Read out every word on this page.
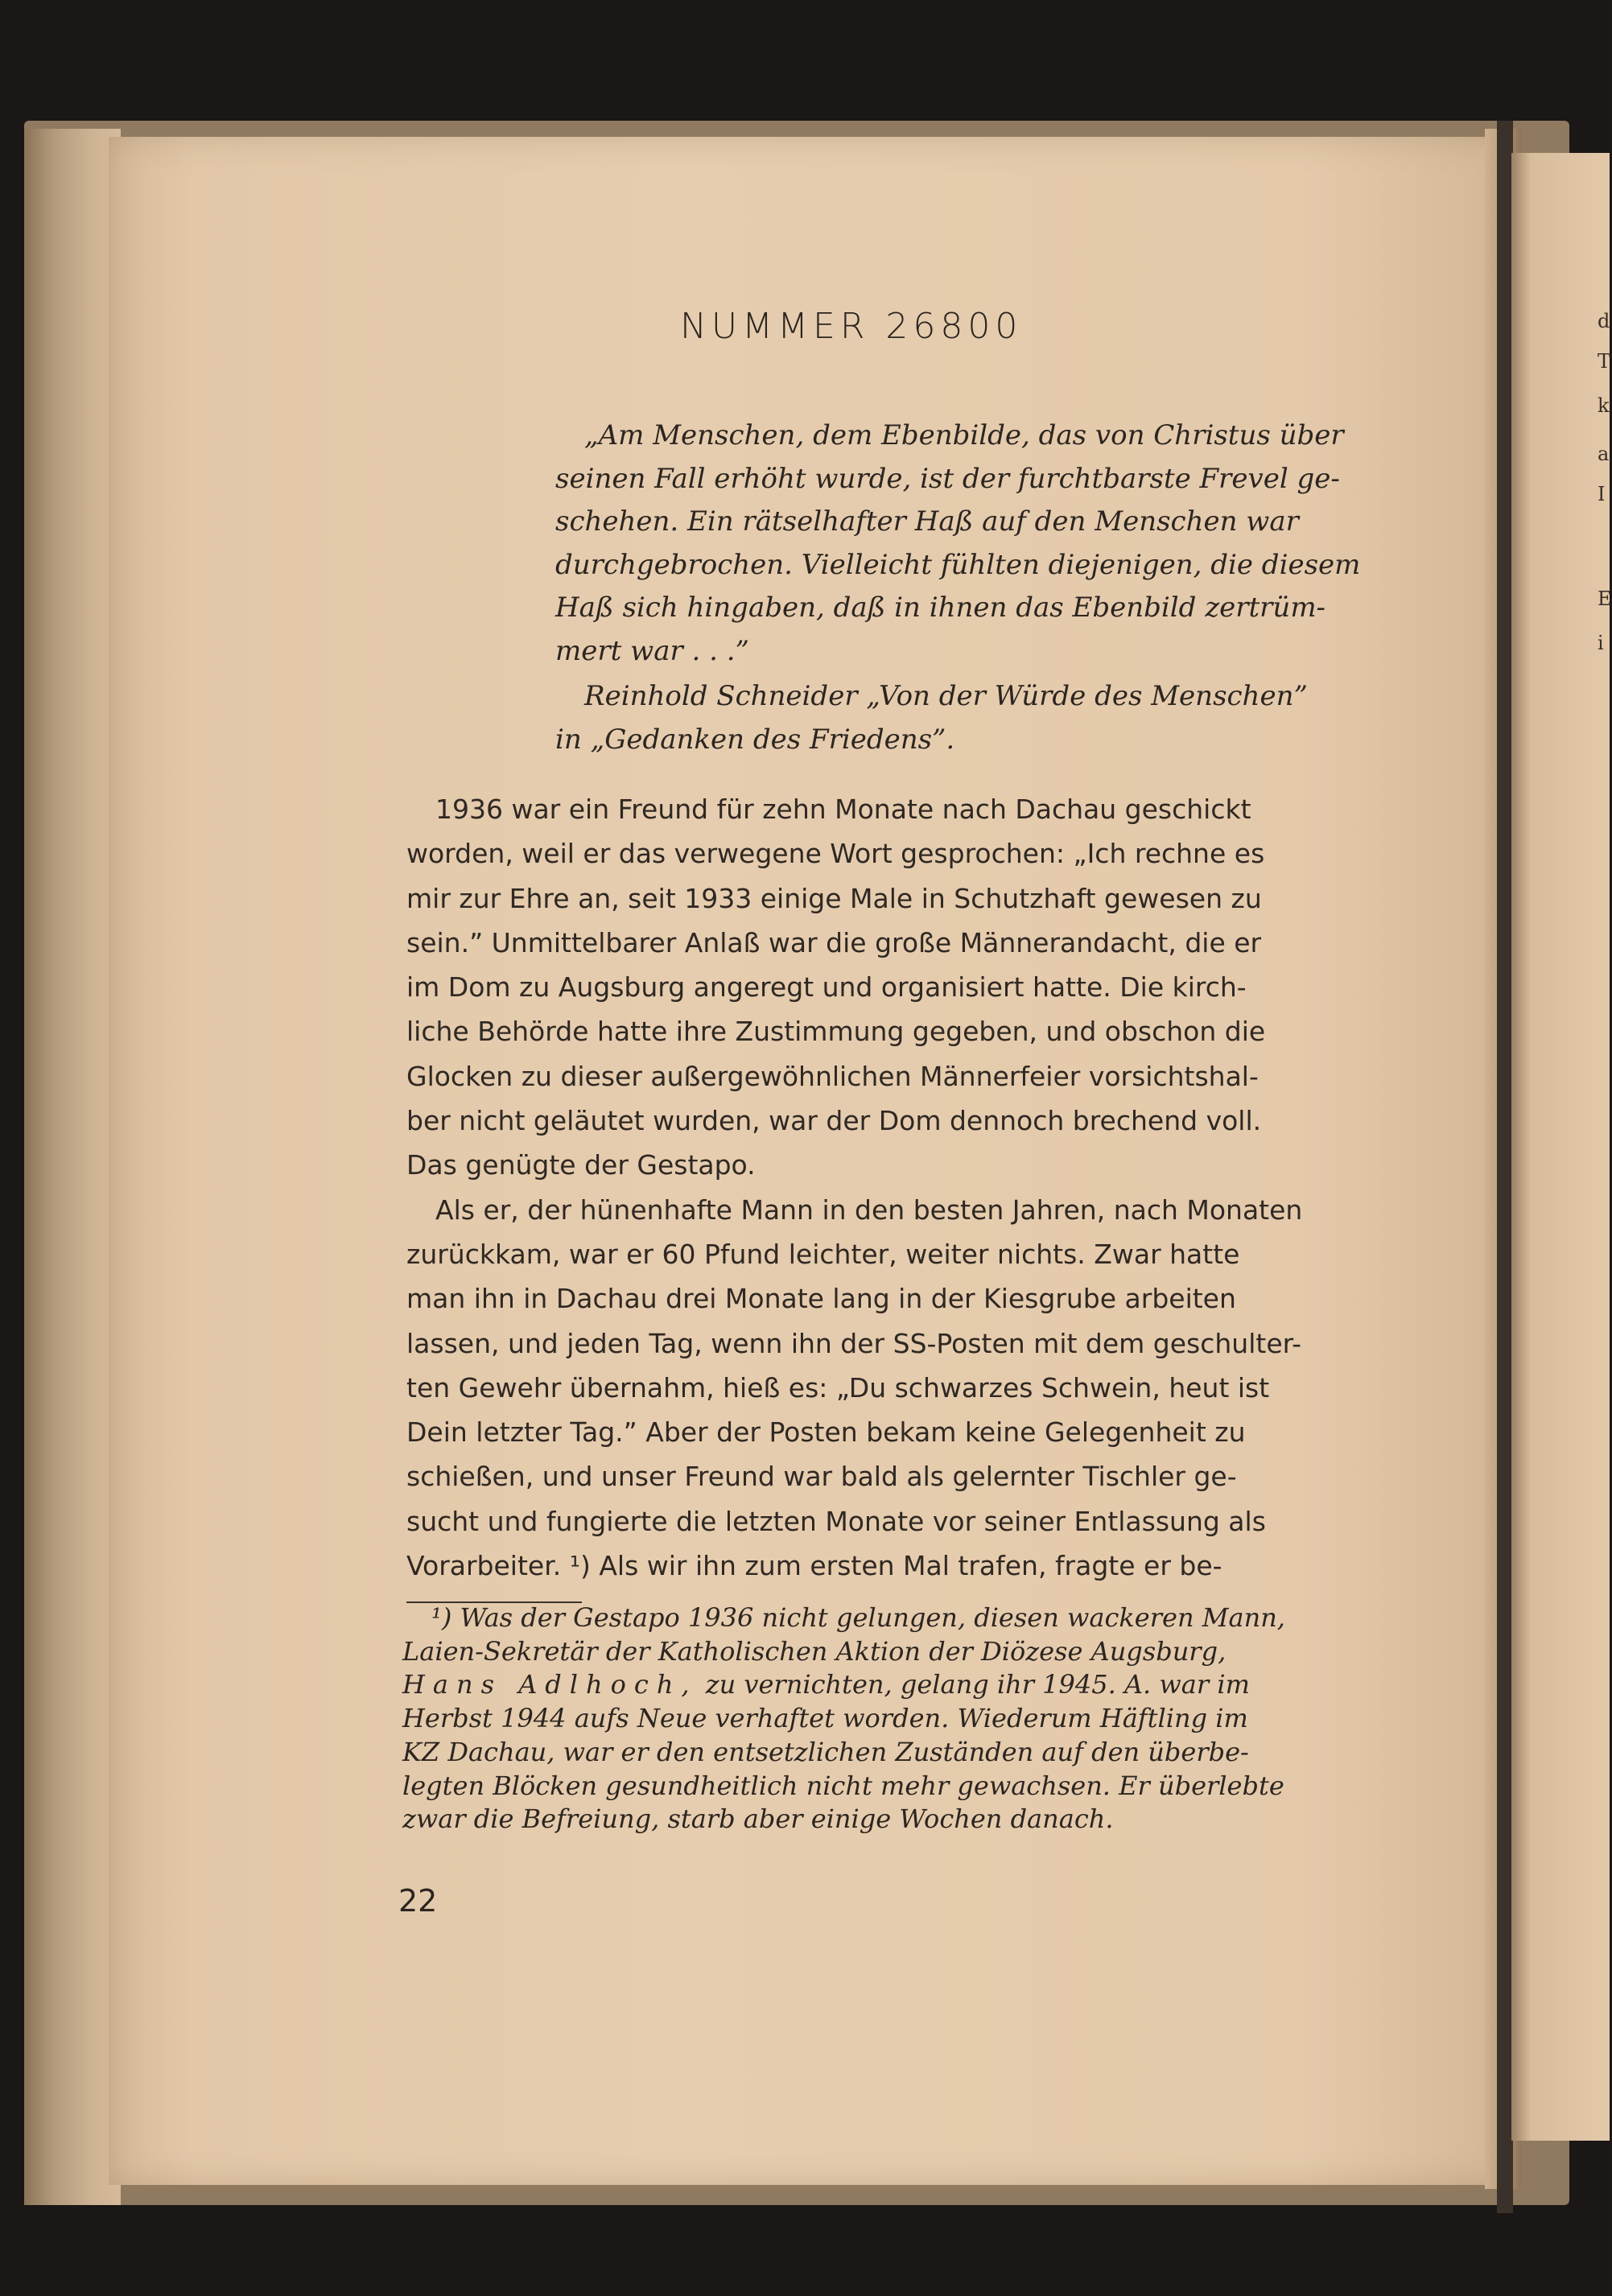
d
T
k
a
I
E
i
NUMMER 26800
„Am Menschen, dem Ebenbilde, das von Christus über
seinen Fall erhöht wurde, ist der furchtbarste Frevel ge-
schehen. Ein rätselhafter Haß auf den Menschen war
durchgebrochen. Vielleicht fühlten diejenigen, die diesem
Haß sich hingaben, daß in ihnen das Ebenbild zertrüm-
mert war . . .”
Reinhold Schneider „Von der Würde des Menschen”
in „Gedanken des Friedens”.
1936 war ein Freund für zehn Monate nach Dachau geschickt
worden, weil er das verwegene Wort gesprochen: „Ich rechne es
mir zur Ehre an, seit 1933 einige Male in Schutzhaft gewesen zu
sein.” Unmittelbarer Anlaß war die große Männerandacht, die er
im Dom zu Augsburg angeregt und organisiert hatte. Die kirch-
liche Behörde hatte ihre Zustimmung gegeben, und obschon die
Glocken zu dieser außergewöhnlichen Männerfeier vorsichtshal-
ber nicht geläutet wurden, war der Dom dennoch brechend voll.
Das genügte der Gestapo.
Als er, der hünenhafte Mann in den besten Jahren, nach Monaten
zurückkam, war er 60 Pfund leichter, weiter nichts. Zwar hatte
man ihn in Dachau drei Monate lang in der Kiesgrube arbeiten
lassen, und jeden Tag, wenn ihn der SS-Posten mit dem geschulter-
ten Gewehr übernahm, hieß es: „Du schwarzes Schwein, heut ist
Dein letzter Tag.” Aber der Posten bekam keine Gelegenheit zu
schießen, und unser Freund war bald als gelernter Tischler ge-
sucht und fungierte die letzten Monate vor seiner Entlassung als
Vorarbeiter. ¹) Als wir ihn zum ersten Mal trafen, fragte er be-
¹) Was der Gestapo 1936 nicht gelungen, diesen wackeren Mann,
Laien-Sekretär der Katholischen Aktion der Diözese Augsburg,
Hans Adlhoch, zu vernichten, gelang ihr 1945. A. war im
Herbst 1944 aufs Neue verhaftet worden. Wiederum Häftling im
KZ Dachau, war er den entsetzlichen Zuständen auf den überbe-
legten Blöcken gesundheitlich nicht mehr gewachsen. Er überlebte
zwar die Befreiung, starb aber einige Wochen danach.
22
